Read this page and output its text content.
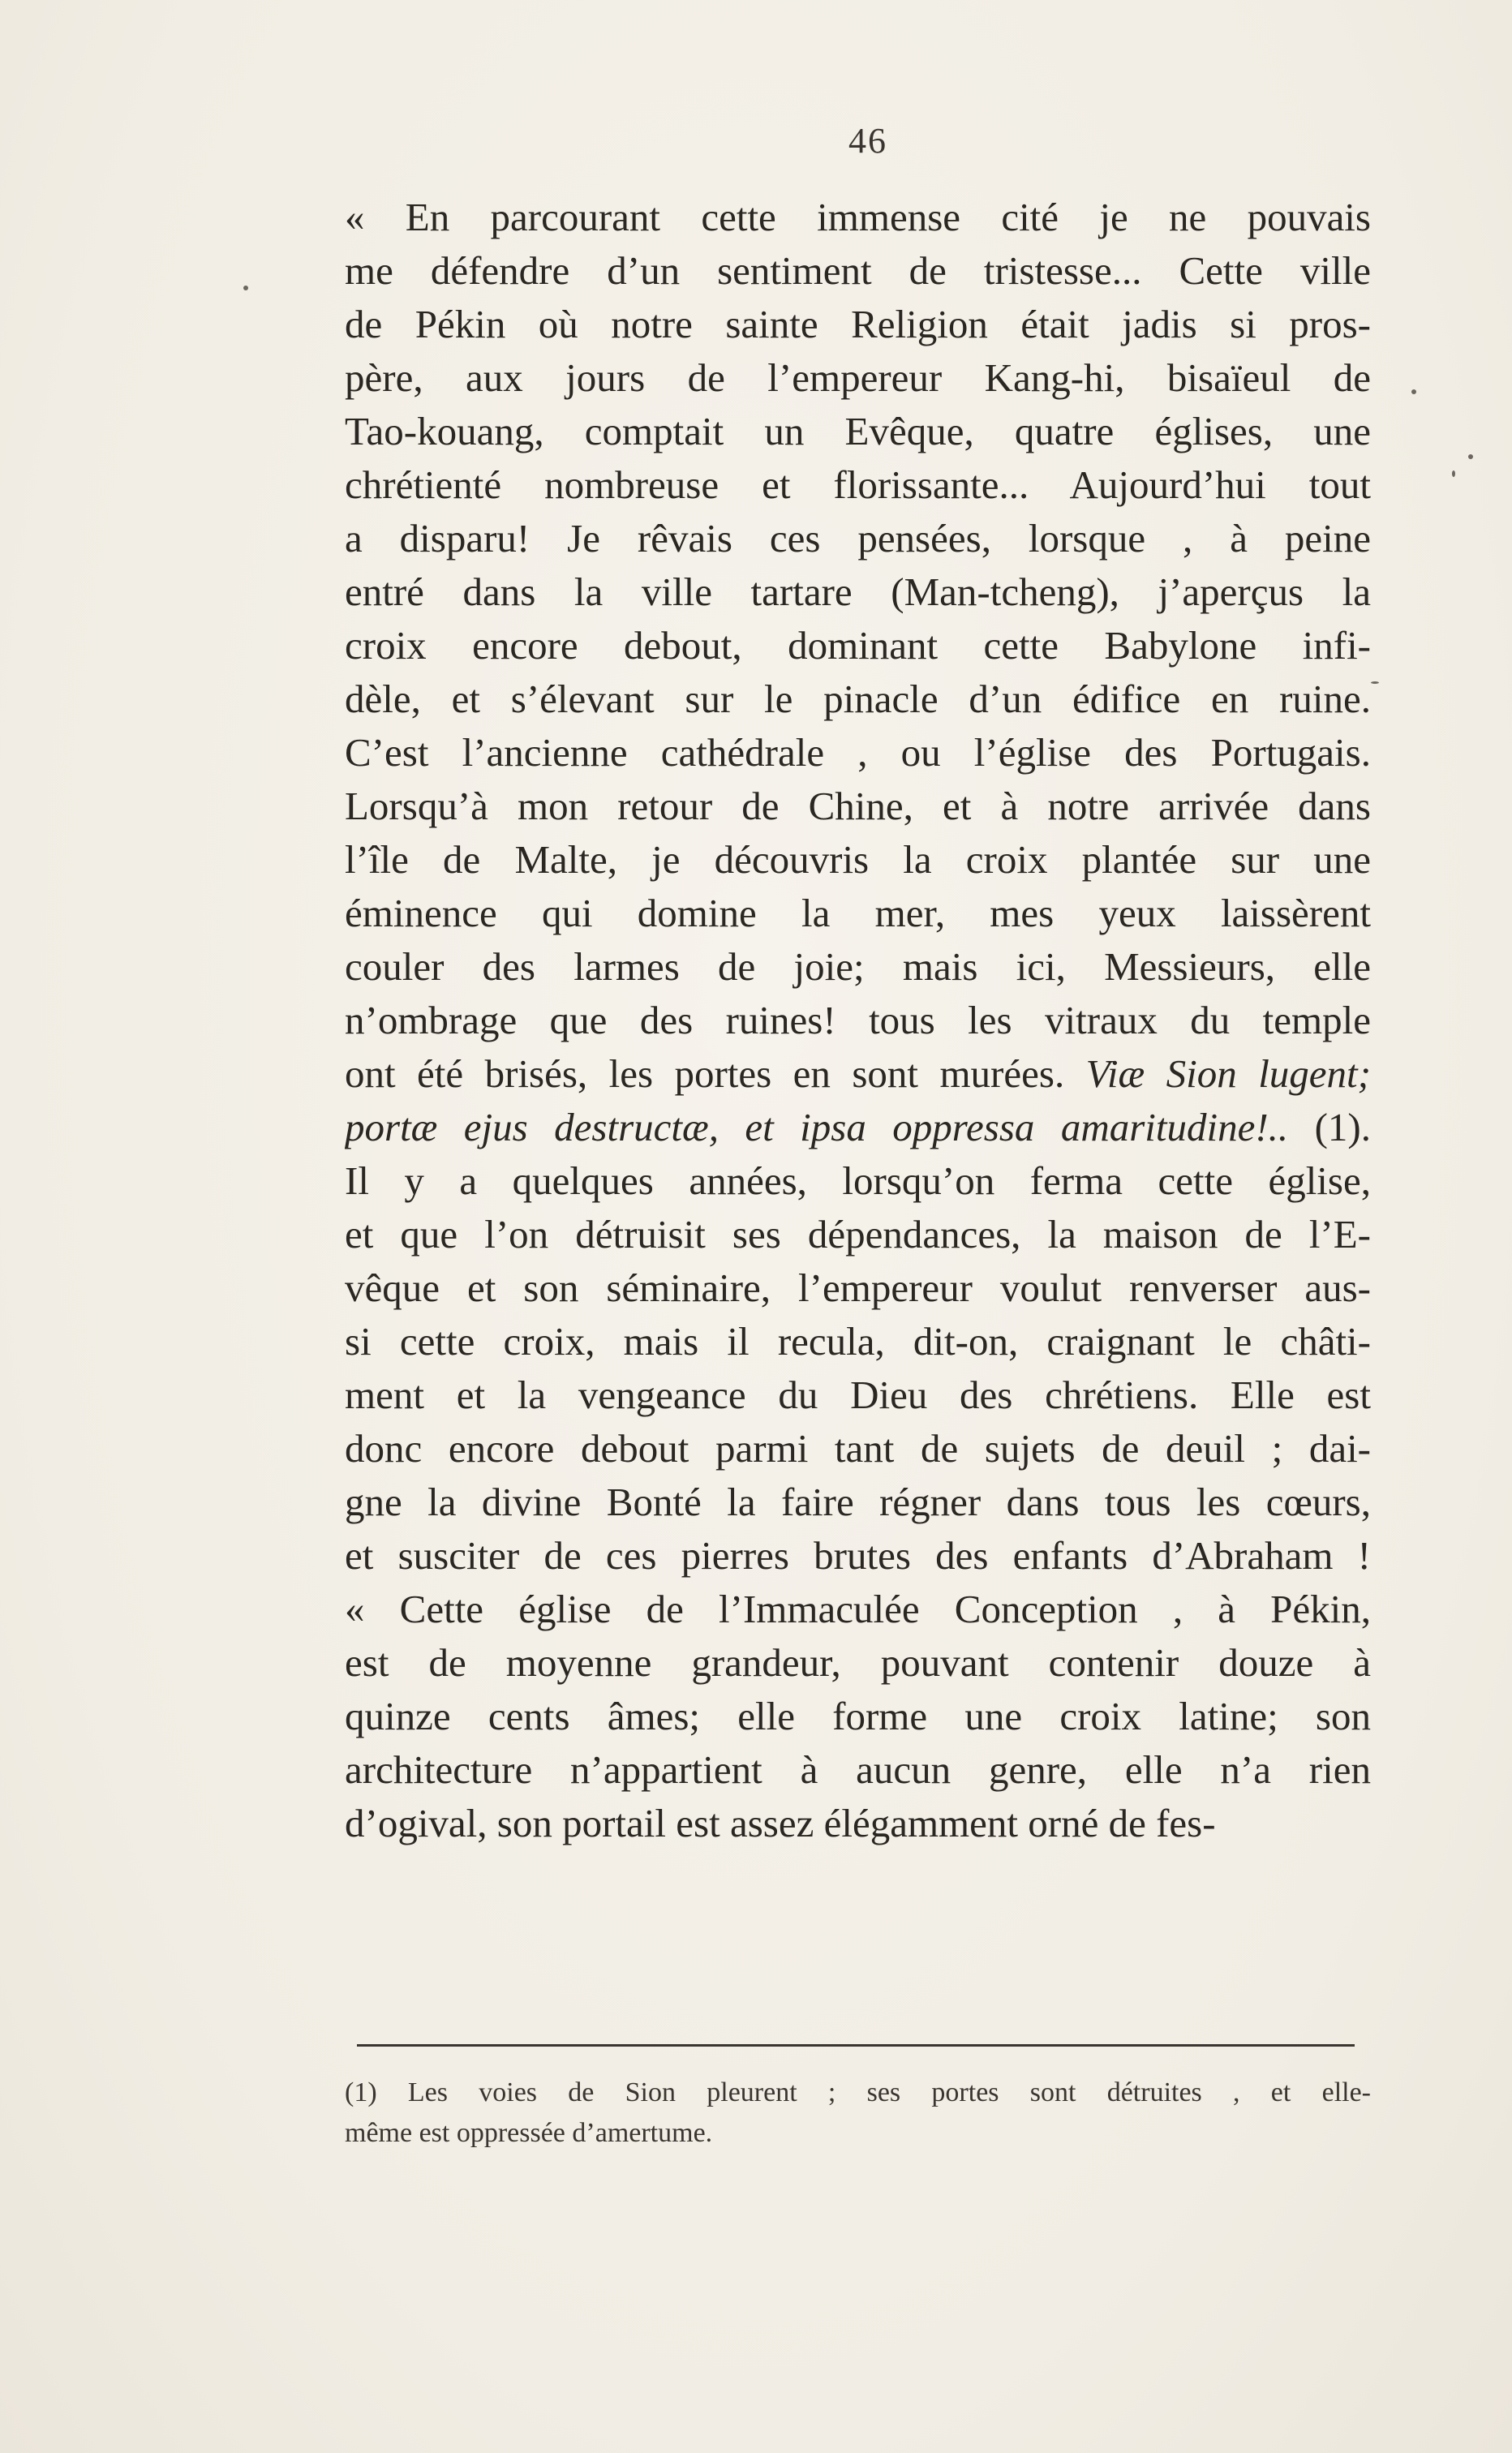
46
« En parcourant cette immense cité je ne pouvais
me défendre d’un sentiment de tristesse... Cette ville
de Pékin où notre sainte Religion était jadis si pros-
père, aux jours de l’empereur Kang-hi, bisaïeul de
Tao-kouang, comptait un Evêque, quatre églises, une
chrétienté nombreuse et florissante... Aujourd’hui tout
a disparu! Je rêvais ces pensées, lorsque , à peine
entré dans la ville tartare (Man-tcheng), j’aperçus la
croix encore debout, dominant cette Babylone infi-
dèle, et s’élevant sur le pinacle d’un édifice en ruine.
C’est l’ancienne cathédrale , ou l’église des Portugais.
Lorsqu’à mon retour de Chine, et à notre arrivée dans
l’île de Malte, je découvris la croix plantée sur une
éminence qui domine la mer, mes yeux laissèrent
couler des larmes de joie; mais ici, Messieurs, elle
n’ombrage que des ruines! tous les vitraux du temple
ont été brisés, les portes en sont murées. Viæ Sion lugent;
portæ ejus destructæ, et ipsa oppressa amaritudine!.. (1).
Il y a quelques années, lorsqu’on ferma cette église,
et que l’on détruisit ses dépendances, la maison de l’E-
vêque et son séminaire, l’empereur voulut renverser aus-
si cette croix, mais il recula, dit-on, craignant le châti-
ment et la vengeance du Dieu des chrétiens. Elle est
donc encore debout parmi tant de sujets de deuil ; dai-
gne la divine Bonté la faire régner dans tous les cœurs,
et susciter de ces pierres brutes des enfants d’Abraham !
« Cette église de l’Immaculée Conception , à Pékin,
est de moyenne grandeur, pouvant contenir douze à
quinze cents âmes; elle forme une croix latine; son
architecture n’appartient à aucun genre, elle n’a rien
d’ogival, son portail est assez élégamment orné de fes-
(1) Les voies de Sion pleurent ; ses portes sont détruites , et elle-
même est oppressée d’amertume.
